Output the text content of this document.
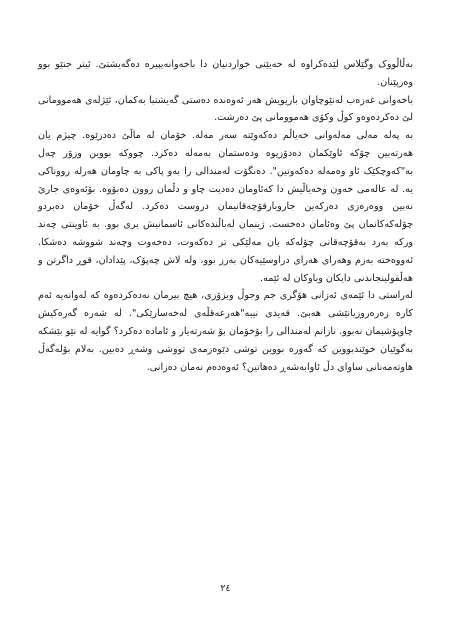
بەڵاڵووک وگێلاس لێدەکراوە لە حەیێنی خواردنیان دا باخەوانەیپیرە دەگەیشتێ. ئیتر جنێو بوو وەرپێنان.

باخەوانی غەزەب لەنێوچاوان باریویش هەر ئەوەندە دەستی گەیشتبا بەکمان، ئێژلەی هەموومانی لێ دەکردەوەو کوڵ وکۆی هەموومانی پێ دەرشت.

بە پەلە مەلی مەلەوانی خەیاڵم دەکەوێتە سەر مەلە. خۆمان لە ماڵێ دەدزێوە. چیژم یان هەرتەبین چۆکە ئاوێکمان دەدۆزیوە ودەستمان بەمەلە دەکرد. چووکە بووین وزۆر چەل بە"کەوچکێک ئاو وەمەلە دەکەوتین". دەنگۆت لەمندالی را بەو پاکی بە چاومان هەرلە رووناکی یە. لە عالەمی خەون وخەیاڵیش دا کەئاومان دەدیت چاو و دڵمان روون دەبۆوە. بۆئەوەی جارێ نەبین ووەرەزی دەرکەین جاروبارقۆچەقانیمان دروست دەکرد. لەگەڵ خۆمان دەبردو چۆلەکەکانمان پێ وەئامان دەخست. ژینمان لەباڵندەکانی ئاسمانیش بری بوو. بە ئاوینتی چەند ورکە بەرد بەقۆچەقانی چۆلەکە یان مەلێکی تر دەکەوت، دەخەوت وچەند شووشە دەشکا. ئەووەختە بەزم وهەرای هەرای دراوسێیەکان بەرز بوو، ولە لاش چەپۆک، پێدادان، قوڕ داگرتن و هەڵقولینجاندنی دایکان وباوکان لە ئێمە.

لەراستی دا ئێمەی ئەزانی هۆگری جم وجوڵ وبزۆزی، هیچ بیرمان نەدەکردەوە کە لەوانەیە ئەم کارە زەرەروزیانێشی هەبێ. قەیدی نیبە"هەرعەقڵەی لەخەسارێکی". لە شەرە گەرەکیش چاوپۆشیمان نەبوو. نازانم لەمندالی را بۆخۆمان بۆ شەرتەیار و ئامادە دەکرد؟ گوایە لە نێو بێشکە بەگوێیان خوێندبووین کە گەورە بووین توشی دێوەزمەی تووشی وشەڕ دەبین. بەلام بۆلەگەڵ هاوتەمەنانی ساوای دڵ ئاوابەشەڕ دەهاتین؟ ئەوەدەم نەمان دەزانی.

٢٤
